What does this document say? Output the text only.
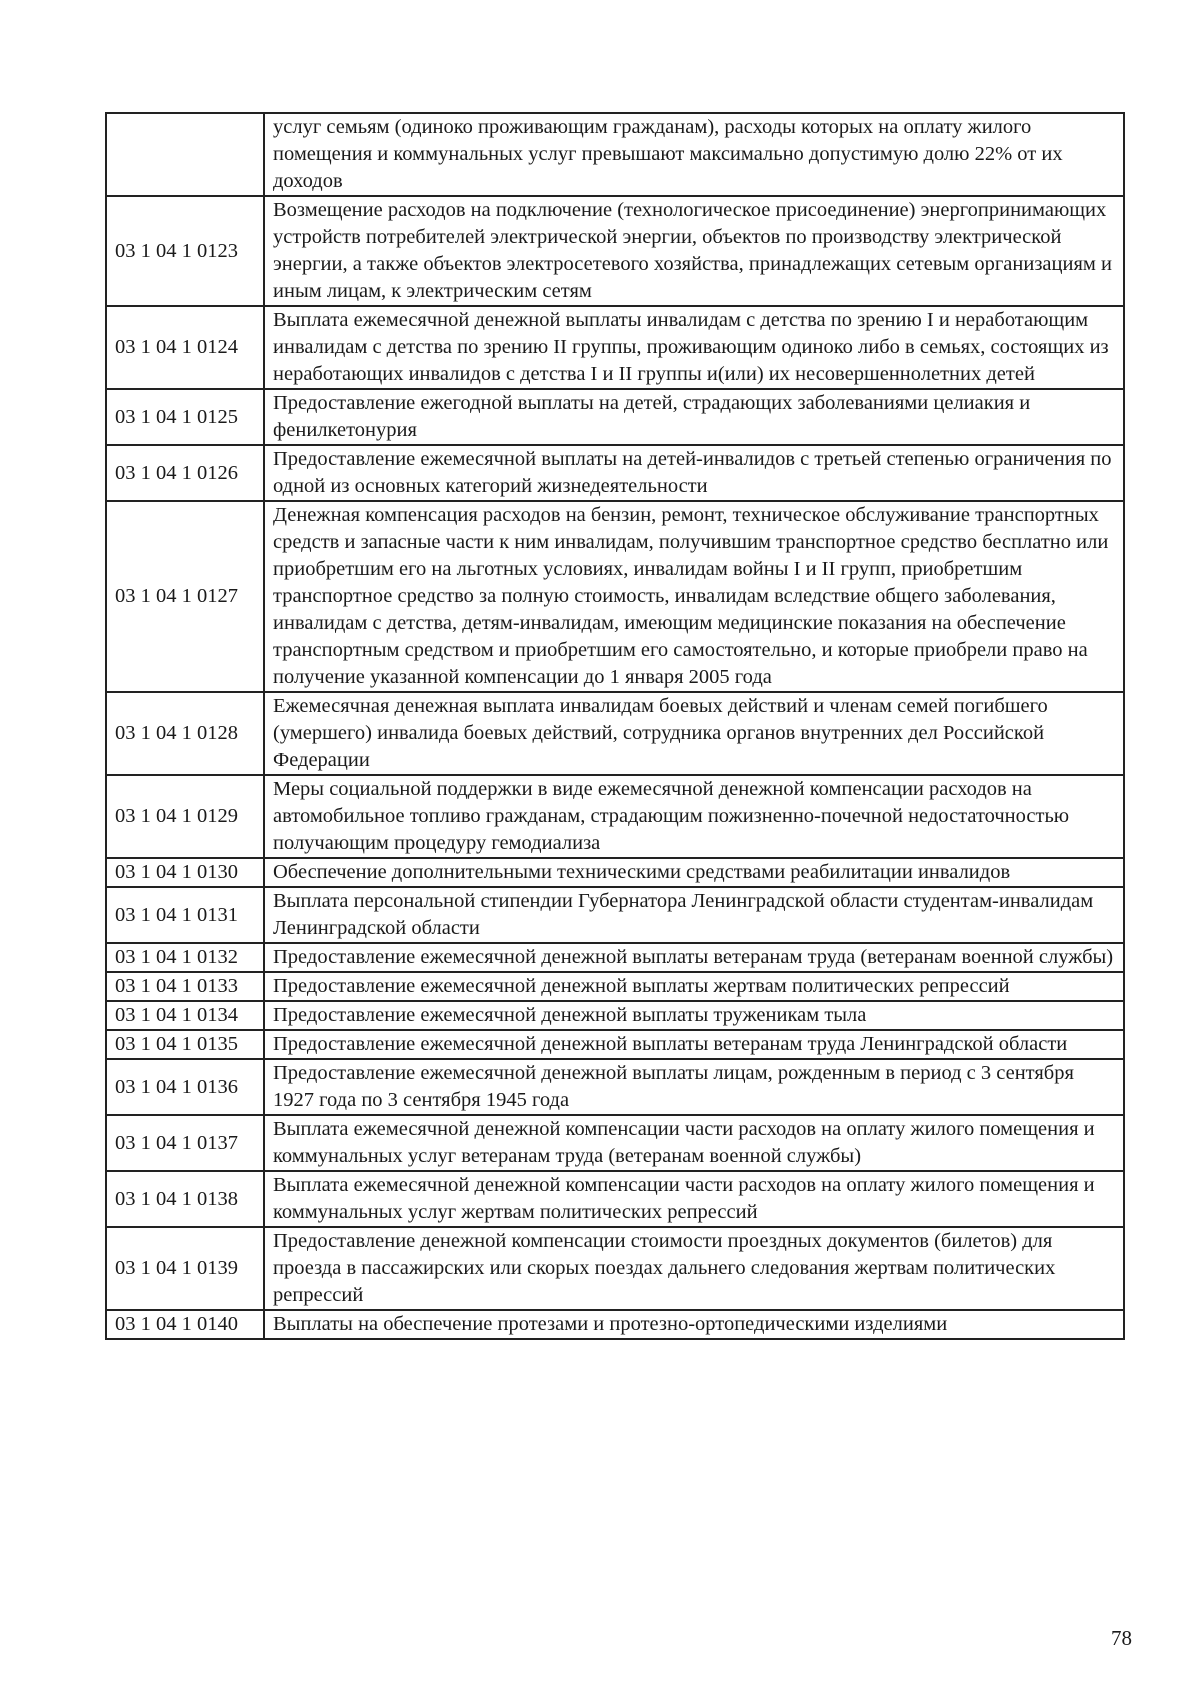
	услуг семьям (одиноко проживающим гражданам), расходы которых на оплату жилого помещения и коммунальных услуг превышают максимально допустимую долю 22% от их доходов
03 1 04 1 0123	Возмещение расходов на подключение (технологическое присоединение) энергопринимающих устройств потребителей электрической энергии, объектов по производству электрической энергии, а также объектов электросетевого хозяйства, принадлежащих сетевым организациям и иным лицам, к электрическим сетям
03 1 04 1 0124	Выплата ежемесячной денежной выплаты инвалидам с детства по зрению I и неработающим инвалидам с детства по зрению II группы, проживающим одиноко либо в семьях, состоящих из неработающих инвалидов с детства I и II группы и(или) их несовершеннолетних детей
03 1 04 1 0125	Предоставление ежегодной выплаты на детей, страдающих заболеваниями целиакия и фенилкетонурия
03 1 04 1 0126	Предоставление ежемесячной выплаты на детей-инвалидов с третьей степенью ограничения по одной из основных категорий жизнедеятельности
03 1 04 1 0127	Денежная компенсация расходов на бензин, ремонт, техническое обслуживание транспортных средств и запасные части к ним инвалидам, получившим транспортное средство бесплатно или приобретшим его на льготных условиях, инвалидам войны I и II групп, приобретшим транспортное средство за полную стоимость, инвалидам вследствие общего заболевания, инвалидам с детства, детям-инвалидам, имеющим медицинские показания на обеспечение транспортным средством и приобретшим его самостоятельно, и которые приобрели право на получение указанной компенсации до 1 января 2005 года
03 1 04 1 0128	Ежемесячная денежная выплата инвалидам боевых действий и членам семей погибшего (умершего) инвалида боевых действий, сотрудника органов внутренних дел Российской Федерации
03 1 04 1 0129	Меры социальной поддержки в виде ежемесячной денежной компенсации расходов на автомобильное топливо гражданам, страдающим пожизненно-почечной недостаточностью получающим процедуру гемодиализа
03 1 04 1 0130	Обеспечение дополнительными техническими средствами реабилитации инвалидов
03 1 04 1 0131	Выплата персональной стипендии Губернатора Ленинградской области студентам-инвалидам Ленинградской области
03 1 04 1 0132	Предоставление ежемесячной денежной выплаты ветеранам труда (ветеранам военной службы)
03 1 04 1 0133	Предоставление ежемесячной денежной выплаты жертвам политических репрессий
03 1 04 1 0134	Предоставление ежемесячной денежной выплаты труженикам тыла
03 1 04 1 0135	Предоставление ежемесячной денежной выплаты ветеранам труда Ленинградской области
03 1 04 1 0136	Предоставление ежемесячной денежной выплаты лицам, рожденным в период с 3 сентября 1927 года по 3 сентября 1945 года
03 1 04 1 0137	Выплата ежемесячной денежной компенсации части расходов на оплату жилого помещения и коммунальных услуг ветеранам труда (ветеранам военной службы)
03 1 04 1 0138	Выплата ежемесячной денежной компенсации части расходов на оплату жилого помещения и коммунальных услуг жертвам политических репрессий
03 1 04 1 0139	Предоставление денежной компенсации стоимости проездных документов (билетов) для проезда в пассажирских или скорых поездах дальнего следования жертвам политических репрессий
03 1 04 1 0140	Выплаты на обеспечение протезами и протезно-ортопедическими изделиями
78
